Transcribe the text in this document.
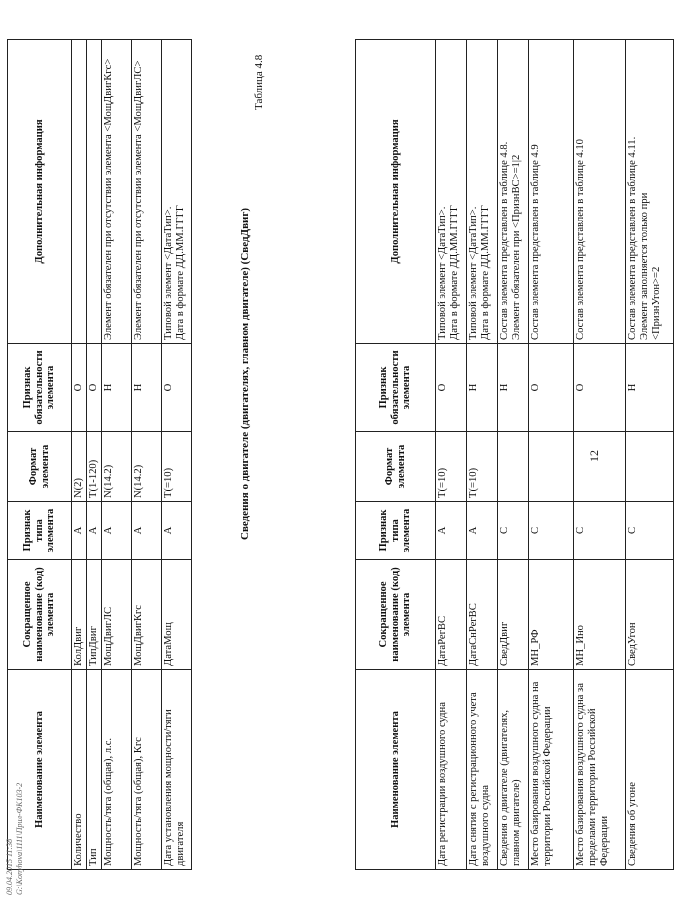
12
Наименование элемента	Сокращенное наименование (код) элемента	Признак типа элемента	Формат элемента	Признак обязательности элемента	Дополнительная информация
Дата регистрации воздушного судна	ДатаРегВС	А	T(=10)	О	Типовой элемент <ДатаТип>.
Дата в формате ДД.ММ.ГГГГ
Дата снятия с регистрационного учета воздушного судна	ДатаСнРегВС	А	T(=10)	Н	Типовой элемент <ДатаТип>.
Дата в формате ДД.ММ.ГГГГ
Сведения о двигателе (двигателях, главном двигателе)	СведДвиг	С		Н	Состав элемента представлен в таблице 4.8.
Элемент обязателен при <ПризнВС>=1|2
Место базирования воздушного судна на территории Российской Федерации	МН_РФ	С		О	Состав элемента представлен в таблице 4.9
Место базирования воздушного судна за пределами территории Российской Федерации	МН_Ино	С		О	Состав элемента представлен в таблице 4.10
Сведения об угоне	СведУгон	С		Н	Состав элемента представлен в таблице 4.11.
Элемент заполняется только при
<ПризнУгон>=2
Таблица 4.8
Сведения о двигателе (двигателях, главном двигателе) (СведДвиг)
Наименование элемента	Сокращенное наименование (код) элемента	Признак типа элемента	Формат элемента	Признак обязательности элемента	Дополнительная информация
Количество	КолДвиг	А	N(2)	О	
Тип	ТипДвиг	А	T(1-120)	О	
Мощность/тяга (общая), л.с.	МощДвигЛС	А	N(14.2)	Н	Элемент обязателен при отсутствии элемента <МощДвигКгс>
Мощность/тяга (общая), Кгс	МощДвигКгс	А	N(14.2)	Н	Элемент обязателен при отсутствии элемента <МощДвигЛС>
Дата установления мощности/тяги двигателя	ДатаМощ	А	T(=10)	О	Типовой элемент <ДатаТип>.
Дата в формате ДД.ММ.ГГГГ
09.04.2015 11:38 G:\Konyhova\1111\Прил-ФК103-2
